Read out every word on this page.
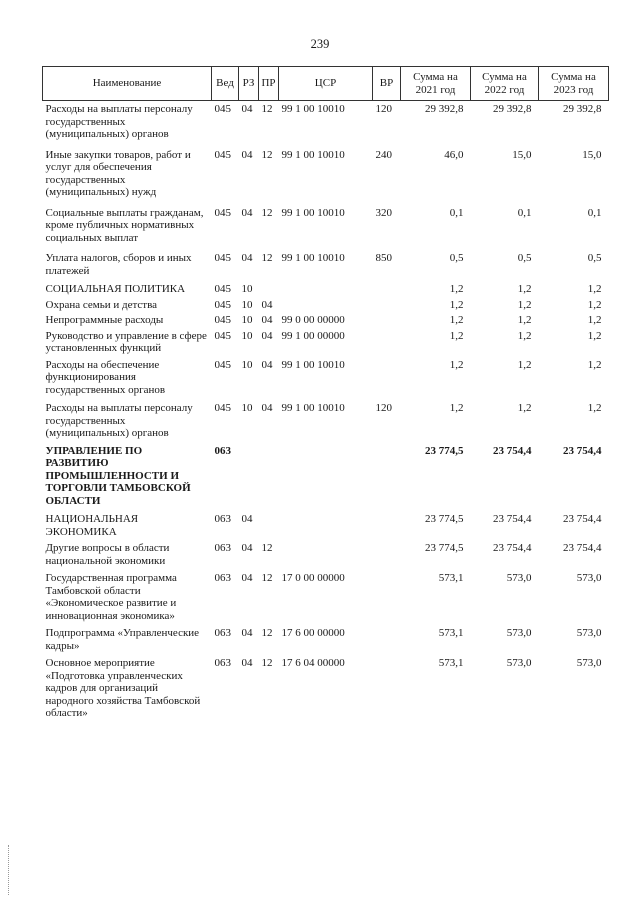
239
Наименование	Вед	РЗ	ПР	ЦСР	ВР	Сумма на 2021 год	Сумма на 2022 год	Сумма на 2023 год
Расходы на выплаты персоналу государственных (муниципальных) органов	045	04	12	99 1 00 10010	120	29 392,8	29 392,8	29 392,8
Иные закупки товаров, работ и услуг для обеспечения государственных (муниципальных) нужд	045	04	12	99 1 00 10010	240	46,0	15,0	15,0
Социальные выплаты гражданам, кроме публичных нормативных социальных выплат	045	04	12	99 1 00 10010	320	0,1	0,1	0,1
Уплата налогов, сборов и иных платежей	045	04	12	99 1 00 10010	850	0,5	0,5	0,5
СОЦИАЛЬНАЯ ПОЛИТИКА	045	10				1,2	1,2	1,2
Охрана семьи и детства	045	10	04			1,2	1,2	1,2
Непрограммные расходы	045	10	04	99 0 00 00000		1,2	1,2	1,2
Руководство и управление в сфере установленных функций	045	10	04	99 1 00 00000		1,2	1,2	1,2
Расходы на обеспечение функционирования государственных органов	045	10	04	99 1 00 10010		1,2	1,2	1,2
Расходы на выплаты персоналу государственных (муниципальных) органов	045	10	04	99 1 00 10010	120	1,2	1,2	1,2
УПРАВЛЕНИЕ ПО РАЗВИТИЮ ПРОМЫШЛЕННОСТИ И ТОРГОВЛИ ТАМБОВСКОЙ ОБЛАСТИ	063					23 774,5	23 754,4	23 754,4
НАЦИОНАЛЬНАЯ ЭКОНОМИКА	063	04				23 774,5	23 754,4	23 754,4
Другие вопросы в области национальной экономики	063	04	12			23 774,5	23 754,4	23 754,4
Государственная программа Тамбовской области «Экономическое развитие и инновационная экономика»	063	04	12	17 0 00 00000		573,1	573,0	573,0
Подпрограмма «Управленческие кадры»	063	04	12	17 6 00 00000		573,1	573,0	573,0
Основное мероприятие «Подготовка управленческих кадров для организаций народного хозяйства Тамбовской области»	063	04	12	17 6 04 00000		573,1	573,0	573,0
